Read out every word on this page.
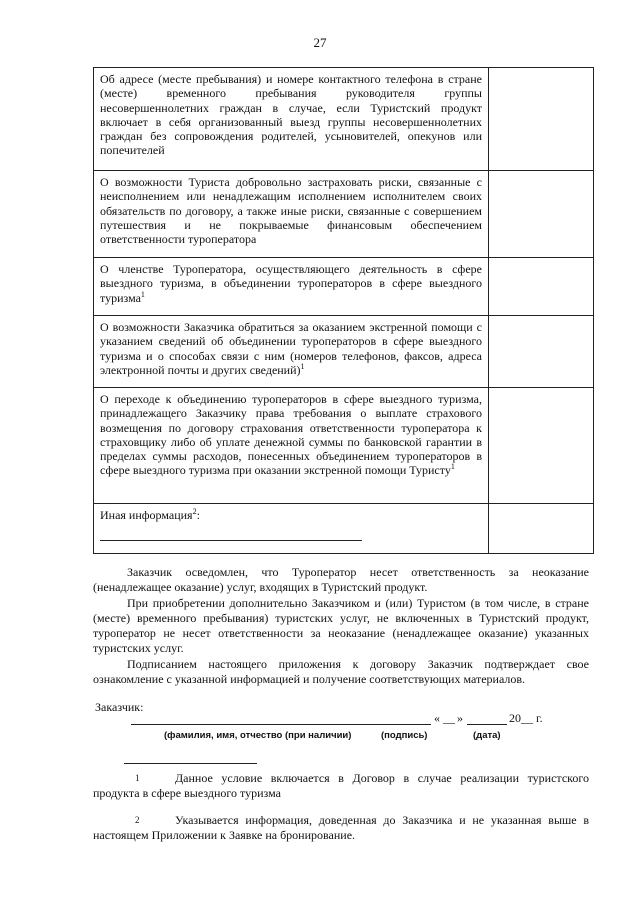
27
Об адресе (месте пребывания) и номере контактного телефона в стране (месте) временного пребывания руководителя группы несовершеннолетних граждан в случае, если Туристский продукт включает в себя организованный выезд группы несовершеннолетних граждан без сопровождения родителей, усыновителей, опекунов или попечителей	
О возможности Туриста добровольно застраховать риски, связанные с неисполнением или ненадлежащим исполнением исполнителем своих обязательств по договору, а также иные риски, связанные с совершением путешествия и не покрываемые финансовым обеспечением ответственности туроператора	
О членстве Туроператора, осуществляющего деятельность в сфере выездного туризма, в объединении туроператоров в сфере выездного туризма$^1$	
О возможности Заказчика обратиться за оказанием экстренной помощи с указанием сведений об объединении туроператоров в сфере выездного туризма и о способах связи с ним (номеров телефонов, факсов, адреса электронной почты и других сведений)$^1$	
О переходе к объединению туроператоров в сфере выездного туризма, принадлежащего Заказчику права требования о выплате страхового возмещения по договору страхования ответственности туроператора к страховщику либо об уплате денежной суммы по банковской гарантии в пределах суммы расходов, понесенных объединением туроператоров в сфере выездного туризма при оказании экстренной помощи Туристу$^1$	
Иная информация$^2$:

Заказчик осведомлен, что Туроператор несет ответственность за неоказание (ненадлежащее оказание) услуг, входящих в Туристский продукт.
При приобретении дополнительно Заказчиком и (или) Туристом (в том числе, в стране (месте) временного пребывания) туристских услуг, не включенных в Туристский продукт, туроператор не несет ответственности за неоказание (ненадлежащее оказание) указанных туристских услуг.
Подписанием настоящего приложения к договору Заказчик подтверждает свое ознакомление с указанной информацией и получение соответствующих материалов.
Заказчик:
« __ »	20__ г.
(фамилия, имя, отчество (при наличии)	(подпись)	(дата)
1	Данное условие включается в Договор в случае реализации туристского продукта в сфере выездного туризма
2	Указывается информация, доведенная до Заказчика и не указанная выше в настоящем Приложении к Заявке на бронирование.
